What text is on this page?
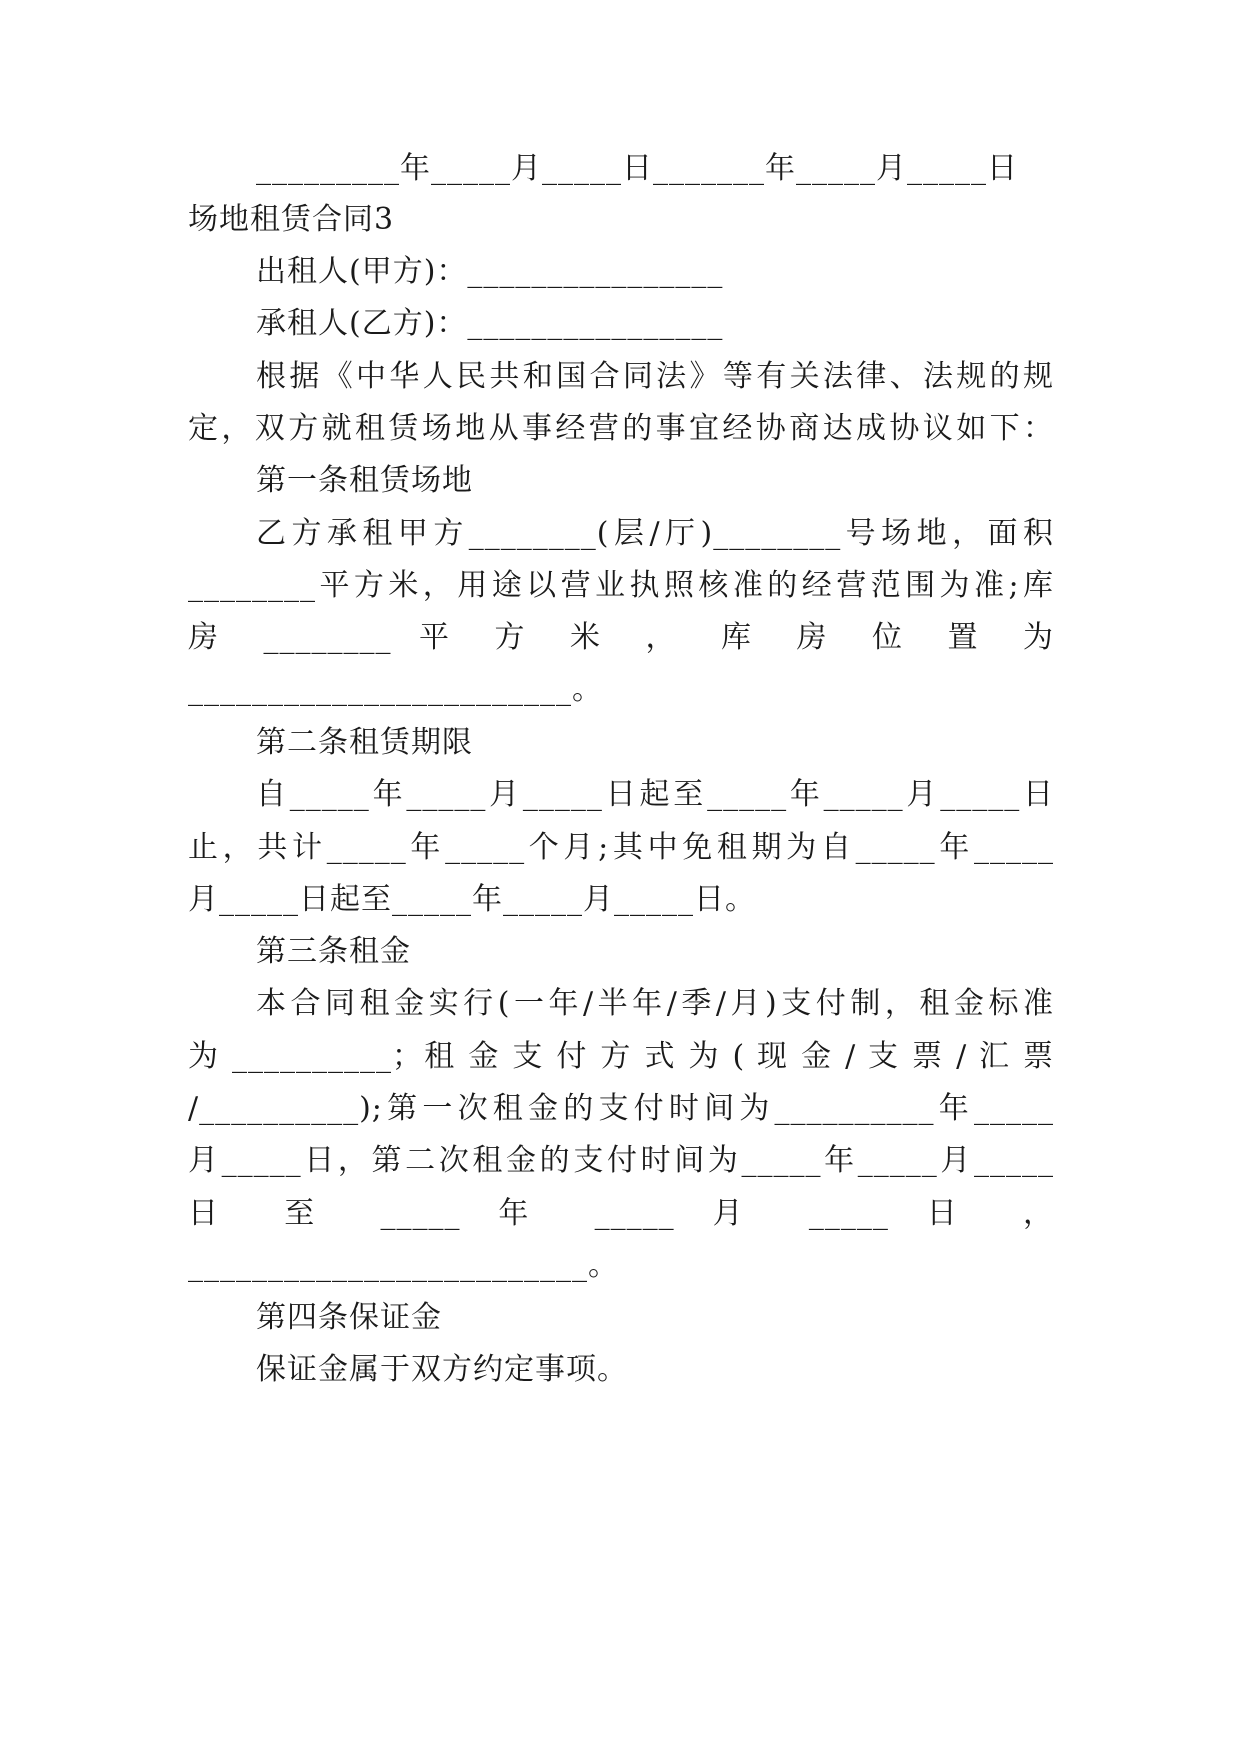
_________年_____月_____日_______年_____月_____日
场地租赁合同3
出租人(甲方)：________________
承租人(乙方)：________________
根据《中华人民共和国合同法》等有关法律、法规的规
定，双方就租赁场地从事经营的事宜经协商达成协议如下：
第一条租赁场地
乙方承租甲方________(层/厅)________号场地，面积
________平方米，用途以营业执照核准的经营范围为准;库
房 ________ 平 方 米 ， 库 房 位 置 为
________________________。
第二条租赁期限
自_____年_____月_____日起至_____年_____月_____日
止，共计_____年_____个月;其中免租期为自_____年_____
月_____日起至_____年_____月_____日。
第三条租金
本合同租金实行(一年/半年/季/月)支付制，租金标准
为 __________；租 金 支 付 方 式 为 ( 现 金 / 支 票 / 汇 票
/__________);第一次租金的支付时间为__________年_____
月_____日，第二次租金的支付时间为_____年_____月_____
日 至 _____ 年 _____ 月 _____ 日 ，
_________________________。
第四条保证金
保证金属于双方约定事项。
